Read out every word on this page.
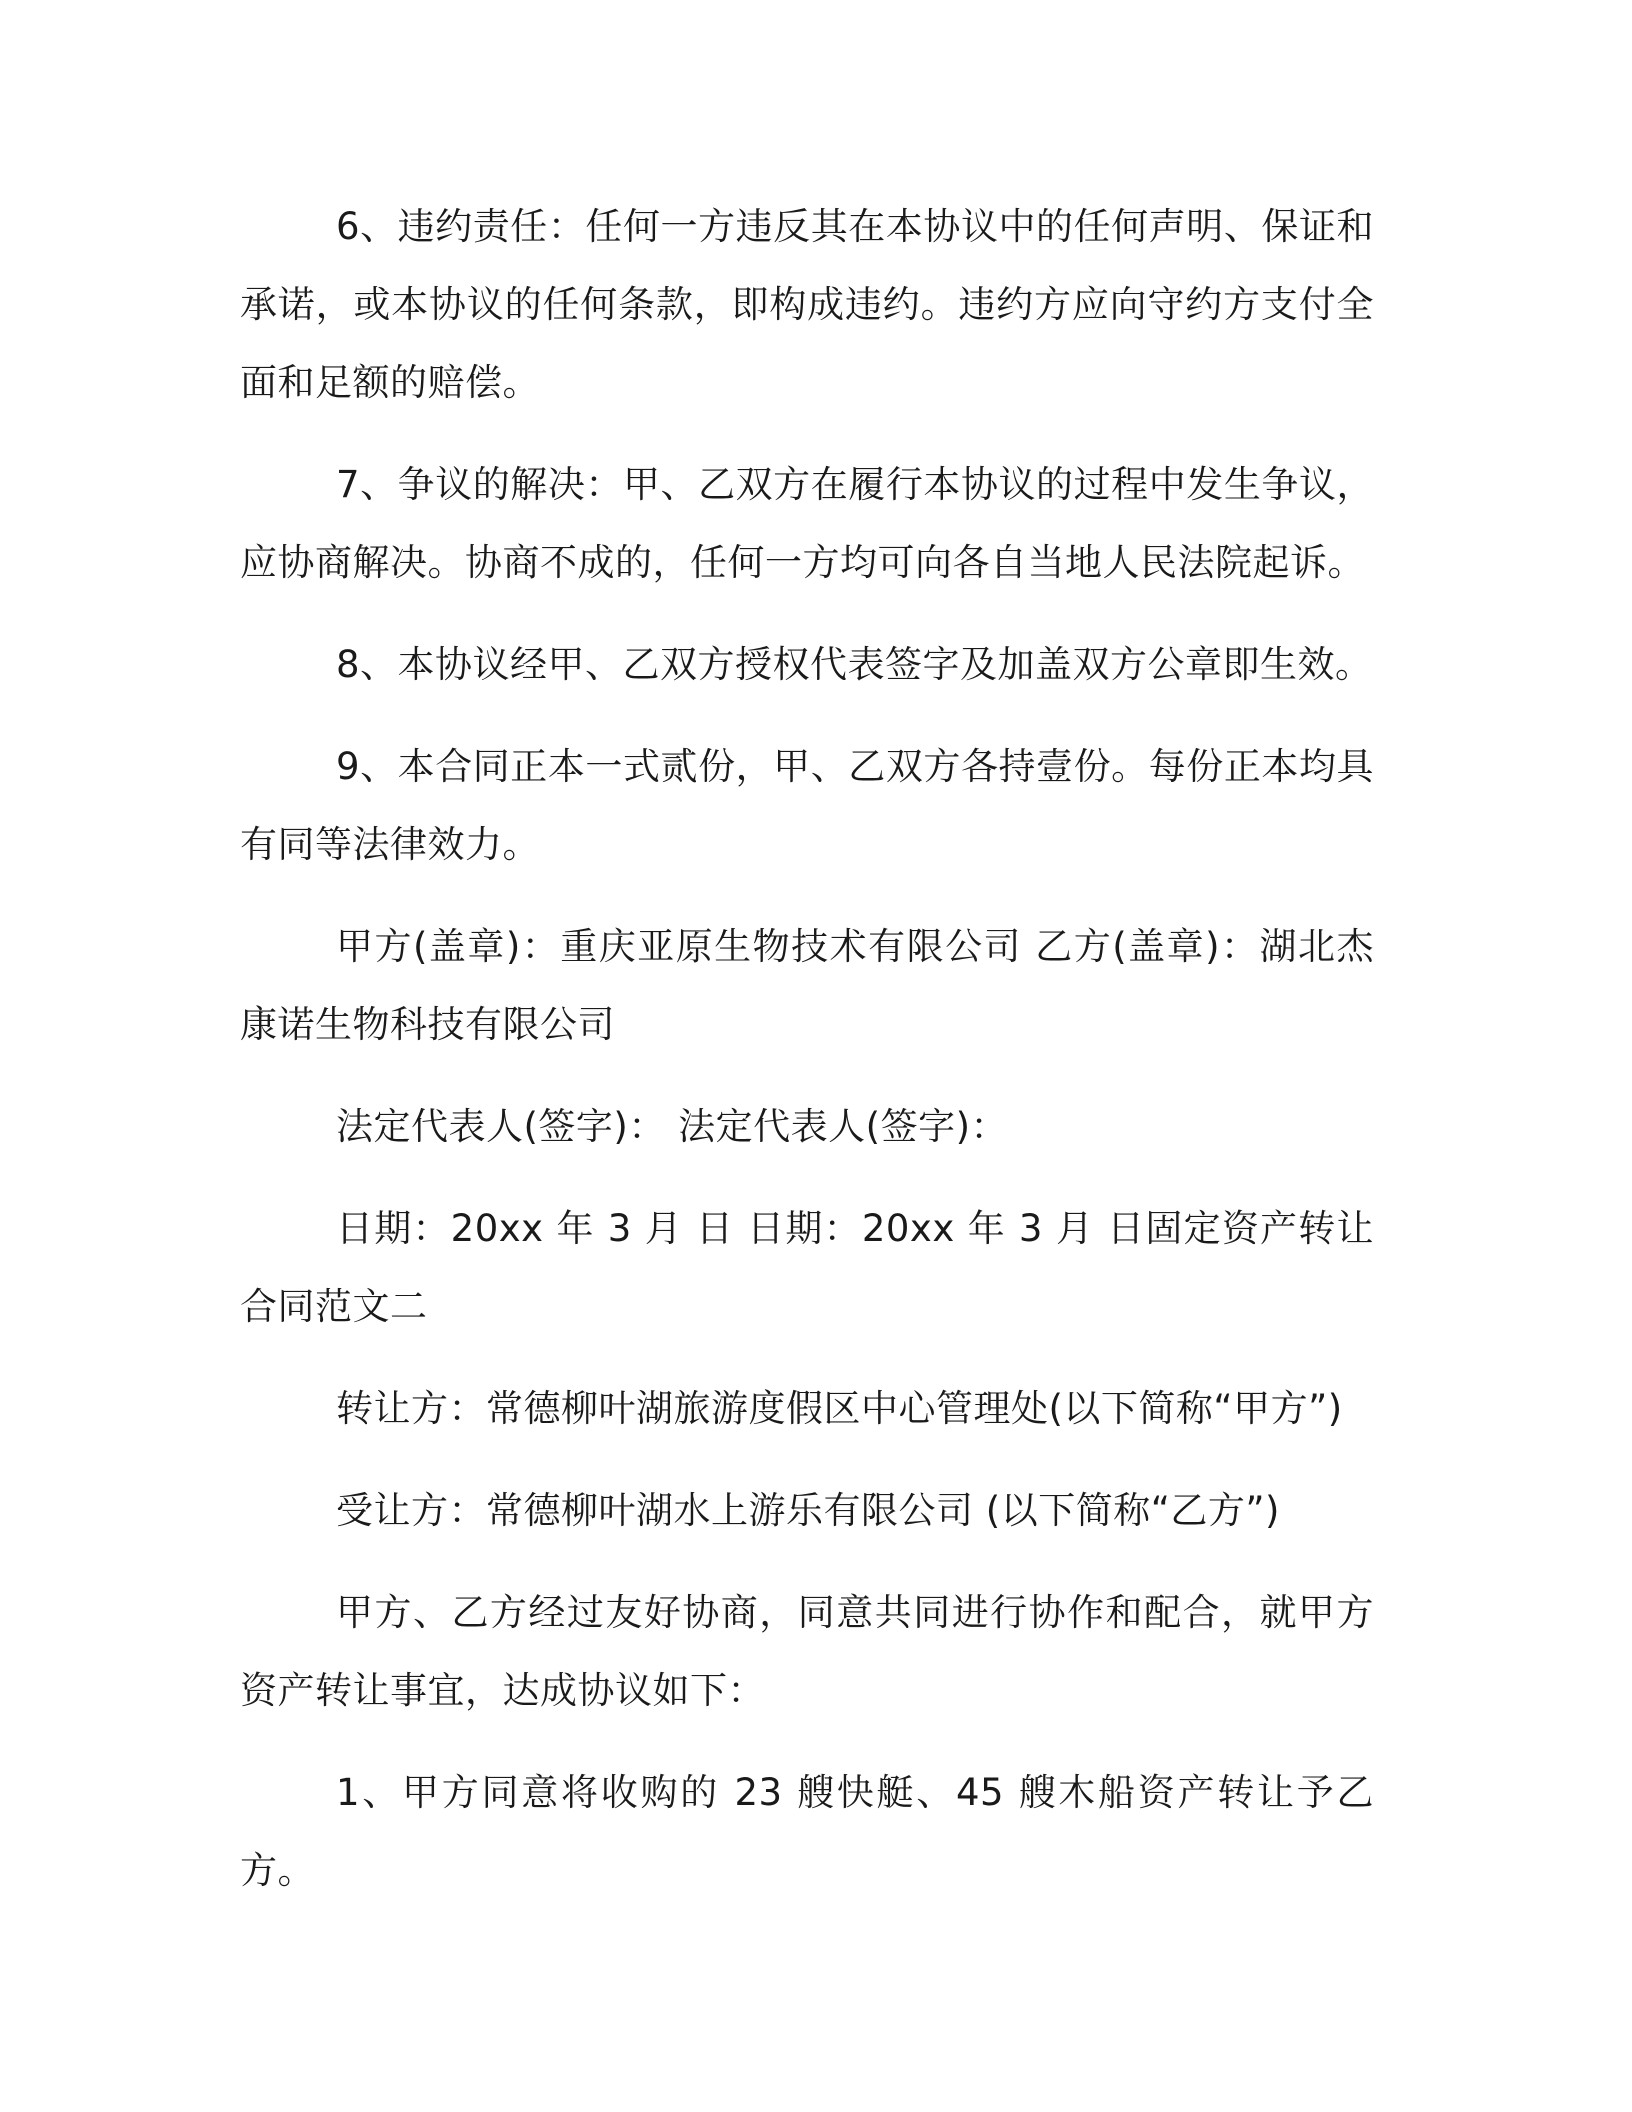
6、违约责任：任何一方违反其在本协议中的任何声明、保证和承诺，或本协议的任何条款，即构成违约。违约方应向守约方支付全面和足额的赔偿。

7、争议的解决：甲、乙双方在履行本协议的过程中发生争议，应协商解决。协商不成的，任何一方均可向各自当地人民法院起诉。

8、本协议经甲、乙双方授权代表签字及加盖双方公章即生效。

9、本合同正本一式贰份，甲、乙双方各持壹份。每份正本均具有同等法律效力。

甲方(盖章)：重庆亚原生物技术有限公司 乙方(盖章)：湖北杰康诺生物科技有限公司

法定代表人(签字)： 法定代表人(签字)：

日期：20xx 年 3 月 日 日期：20xx 年 3 月 日固定资产转让合同范文二

转让方：常德柳叶湖旅游度假区中心管理处(以下简称“甲方”)

受让方：常德柳叶湖水上游乐有限公司 (以下简称“乙方”)

甲方、乙方经过友好协商，同意共同进行协作和配合，就甲方资产转让事宜，达成协议如下：

1、甲方同意将收购的 23 艘快艇、45 艘木船资产转让予乙方。
